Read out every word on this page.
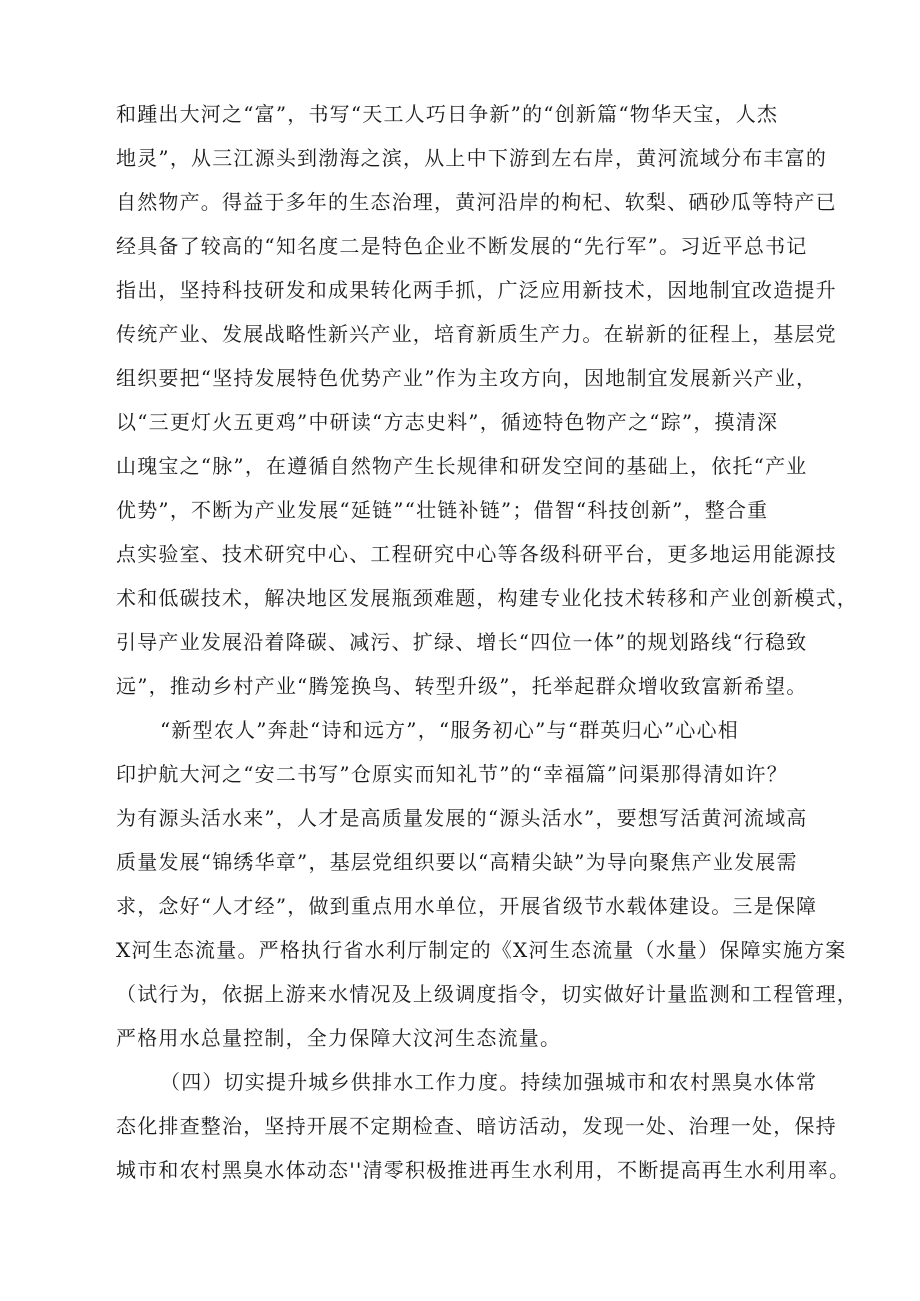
和踵出大河之“富”，书写“天工人巧日争新”的“创新篇“物华天宝，人杰
地灵”，从三江源头到渤海之滨，从上中下游到左右岸，黄河流域分布丰富的
自然物产。得益于多年的生态治理，黄河沿岸的枸杞、软梨、硒砂瓜等特产已
经具备了较高的“知名度二是特色企业不断发展的“先行军”。习近平总书记
指出，坚持科技研发和成果转化两手抓，广泛应用新技术，因地制宜改造提升
传统产业、发展战略性新兴产业，培育新质生产力。在崭新的征程上，基层党
组织要把“坚持发展特色优势产业”作为主攻方向，因地制宜发展新兴产业，
以“三更灯火五更鸡”中研读“方志史料”，循迹特色物产之“踪”，摸清深
山瑰宝之“脉”，在遵循自然物产生长规律和研发空间的基础上，依托“产业
优势”，不断为产业发展“延链”“壮链补链”；借智“科技创新”，整合重
点实验室、技术研究中心、工程研究中心等各级科研平台，更多地运用能源技
术和低碳技术，解决地区发展瓶颈难题，构建专业化技术转移和产业创新模式，
引导产业发展沿着降碳、减污、扩绿、增长“四位一体”的规划路线“行稳致
远”，推动乡村产业“腾笼换鸟、转型升级”，托举起群众增收致富新希望。
“新型农人”奔赴“诗和远方”，“服务初心”与“群英归心”心心相
印护航大河之“安二书写”仓原实而知礼节”的“幸福篇”问渠那得清如许？
为有源头活水来”，人才是高质量发展的“源头活水”，要想写活黄河流域高
质量发展“锦绣华章”，基层党组织要以“高精尖缺”为导向聚焦产业发展需
求，念好“人才经”，做到重点用水单位，开展省级节水载体建设。三是保障
X河生态流量。严格执行省水利厅制定的《X河生态流量（水量）保障实施方案
（试行为，依据上游来水情况及上级调度指令，切实做好计量监测和工程管理，
严格用水总量控制，全力保障大汶河生态流量。
（四）切实提升城乡供排水工作力度。持续加强城市和农村黑臭水体常
态化排查整治，坚持开展不定期检查、暗访活动，发现一处、治理一处，保持
城市和农村黑臭水体动态''清零积极推进再生水利用，不断提高再生水利用率。
